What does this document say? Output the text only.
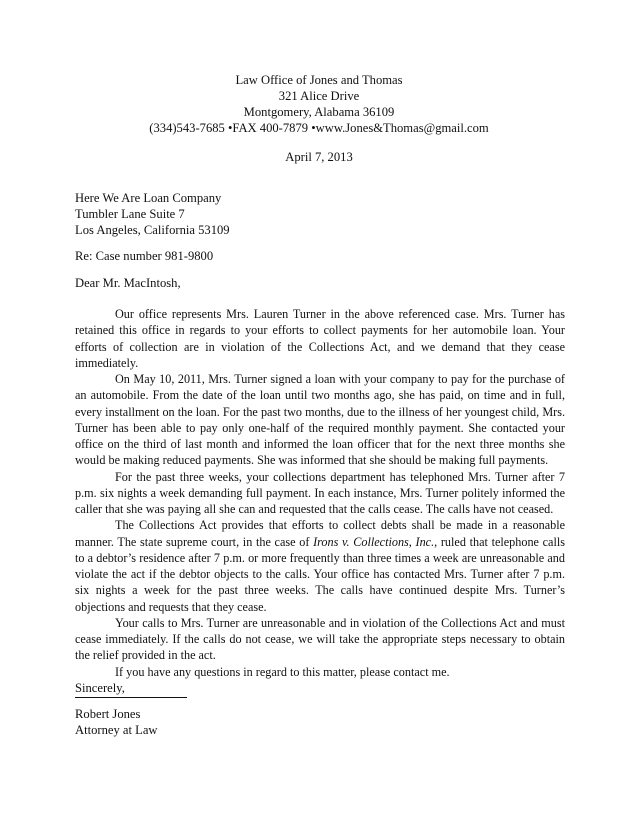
Law Office of Jones and Thomas
321 Alice Drive
Montgomery, Alabama 36109
(334)543-7685 •FAX 400-7879 •www.Jones&Thomas@gmail.com
April 7, 2013
Here We Are Loan Company
Tumbler Lane Suite 7
Los Angeles, California 53109
Re: Case number 981-9800
Dear Mr. MacIntosh,

Our office represents Mrs. Lauren Turner in the above referenced case. Mrs. Turner has retained this office in regards to your efforts to collect payments for her automobile loan. Your efforts of collection are in violation of the Collections Act, and we demand that they cease immediately.

On May 10, 2011, Mrs. Turner signed a loan with your company to pay for the purchase of an automobile. From the date of the loan until two months ago, she has paid, on time and in full, every installment on the loan. For the past two months, due to the illness of her youngest child, Mrs. Turner has been able to pay only one-half of the required monthly payment. She contacted your office on the third of last month and informed the loan officer that for the next three months she would be making reduced payments. She was informed that she should be making full payments.

For the past three weeks, your collections department has telephoned Mrs. Turner after 7 p.m. six nights a week demanding full payment. In each instance, Mrs. Turner politely informed the caller that she was paying all she can and requested that the calls cease. The calls have not ceased.

The Collections Act provides that efforts to collect debts shall be made in a reasonable manner. The state supreme court, in the case of Irons v. Collections, Inc., ruled that telephone calls to a debtor’s residence after 7 p.m. or more frequently than three times a week are unreasonable and violate the act if the debtor objects to the calls. Your office has contacted Mrs. Turner after 7 p.m. six nights a week for the past three weeks. The calls have continued despite Mrs. Turner’s objections and requests that they cease.

Your calls to Mrs. Turner are unreasonable and in violation of the Collections Act and must cease immediately. If the calls do not cease, we will take the appropriate steps necessary to obtain the relief provided in the act.

If you have any questions in regard to this matter, please contact me.

Sincerely,
Robert Jones
Attorney at Law
